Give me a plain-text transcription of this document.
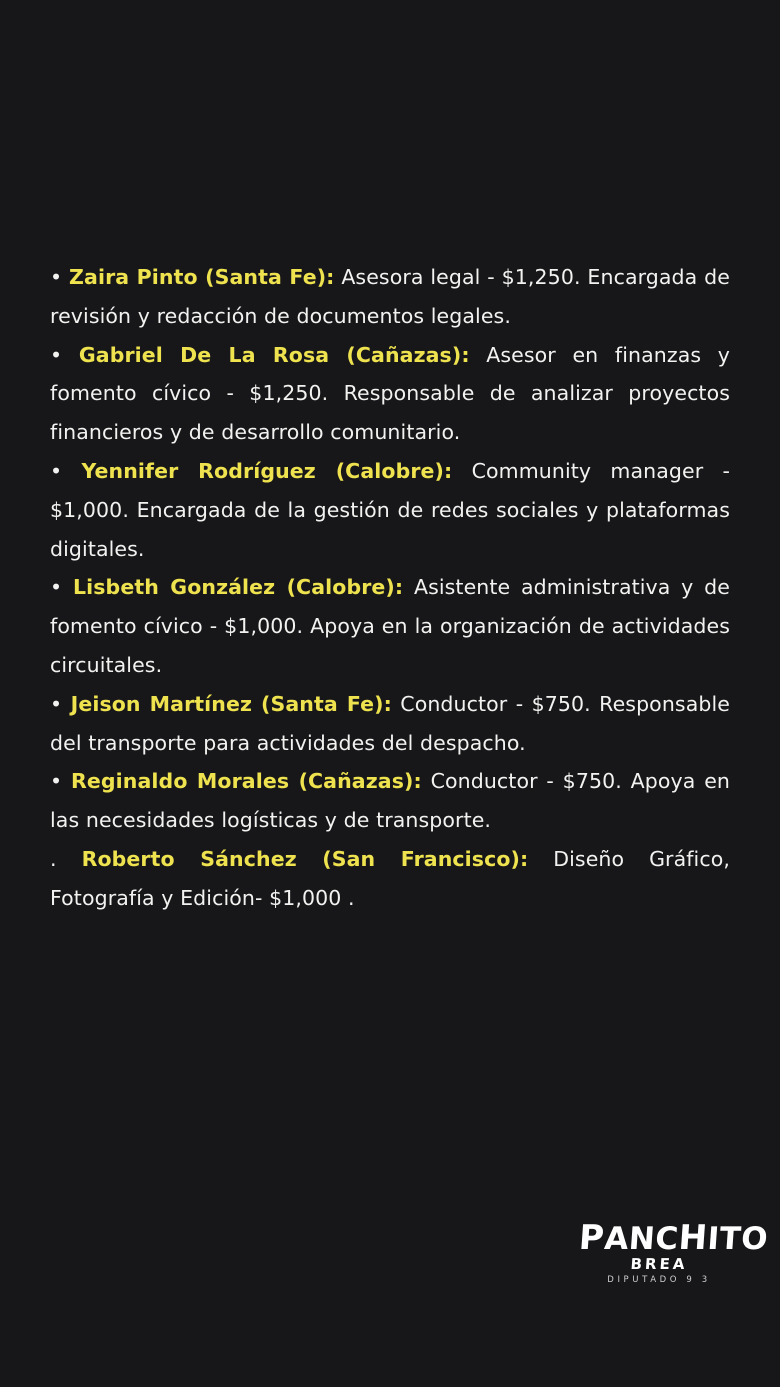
• Zaira Pinto (Santa Fe): Asesora legal - $1,250. Encargada de revisión y redacción de documentos legales.

• Gabriel De La Rosa (Cañazas): Asesor en finanzas y fomento cívico - $1,250. Responsable de analizar proyectos financieros y de desarrollo comunitario.

• Yennifer Rodríguez (Calobre): Community manager - $1,000. Encargada de la gestión de redes sociales y plataformas digitales.

• Lisbeth González (Calobre): Asistente administrativa y de fomento cívico - $1,000. Apoya en la organización de actividades circuitales.

• Jeison Martínez (Santa Fe): Conductor - $750. Responsable del transporte para actividades del despacho.

• Reginaldo Morales (Cañazas): Conductor - $750. Apoya en las necesidades logísticas y de transporte.

. Roberto Sánchez (San Francisco): Diseño Gráfico, Fotografía y Edición- $1,000 .

PANCHITO
BREA
DIPUTADO 9 3
